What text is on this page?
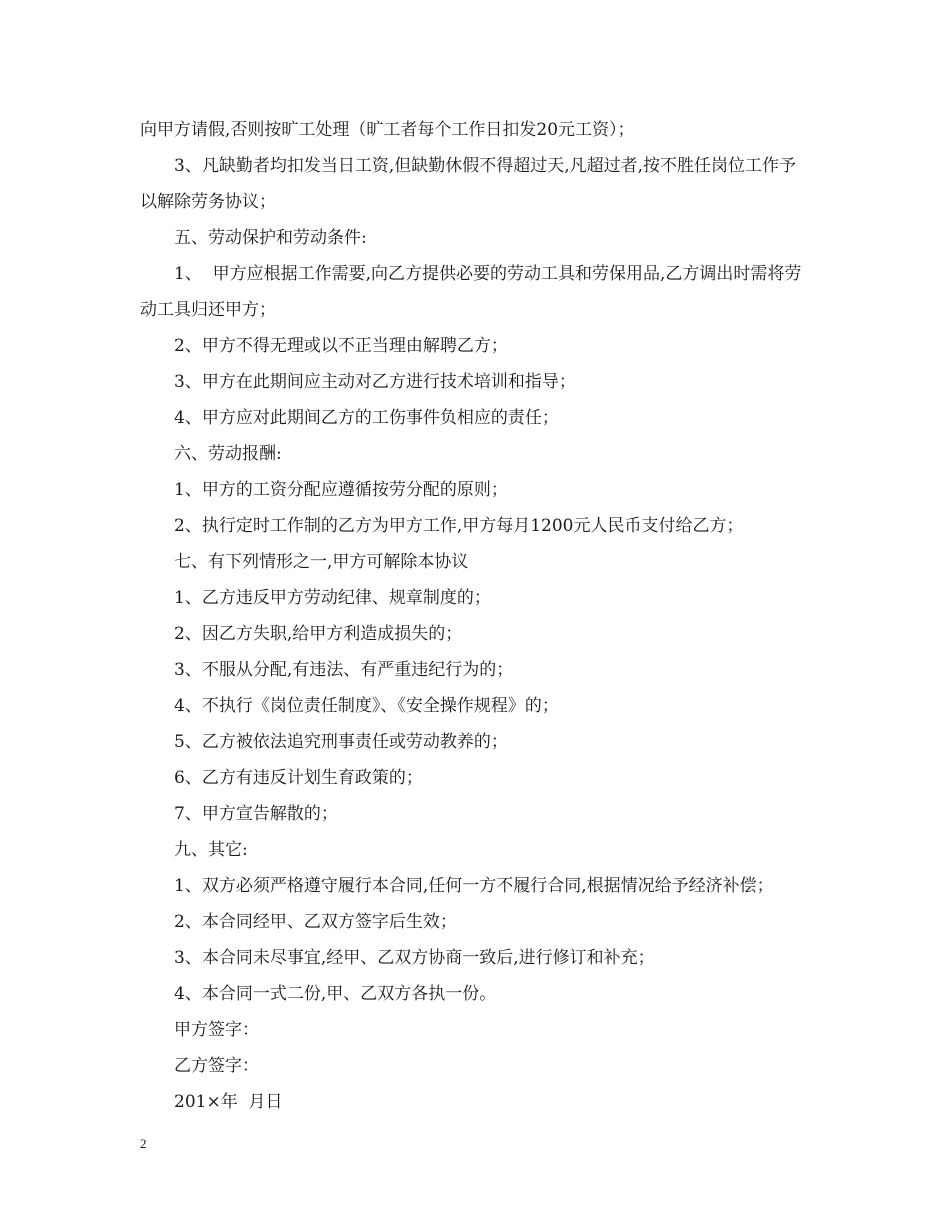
向甲方请假,否则按旷工处理（旷工者每个工作日扣发20元工资）；

3、凡缺勤者均扣发当日工资,但缺勤休假不得超过天,凡超过者,按不胜任岗位工作予以解除劳务协议；

五、劳动保护和劳动条件:

1、  甲方应根据工作需要,向乙方提供必要的劳动工具和劳保用品,乙方调出时需将劳动工具归还甲方；

2、甲方不得无理或以不正当理由解聘乙方；

3、甲方在此期间应主动对乙方进行技术培训和指导；

4、甲方应对此期间乙方的工伤事件负相应的责任；

六、劳动报酬:

1、甲方的工资分配应遵循按劳分配的原则；

2、执行定时工作制的乙方为甲方工作,甲方每月1200元人民币支付给乙方；

七、有下列情形之一,甲方可解除本协议

1、乙方违反甲方劳动纪律、规章制度的；

2、因乙方失职,给甲方利造成损失的；

3、不服从分配,有违法、有严重违纪行为的；

4、不执行《岗位责任制度》、《安全操作规程》的；

5、乙方被依法追究刑事责任或劳动教养的；

6、乙方有违反计划生育政策的；

7、甲方宣告解散的；

九、其它:

1、双方必须严格遵守履行本合同,任何一方不履行合同,根据情况给予经济补偿；

2、本合同经甲、乙双方签字后生效；

3、本合同未尽事宜,经甲、乙双方协商一致后,进行修订和补充；

4、本合同一式二份,甲、乙双方各执一份。

甲方签字：

乙方签字：

201×年  月日

2
